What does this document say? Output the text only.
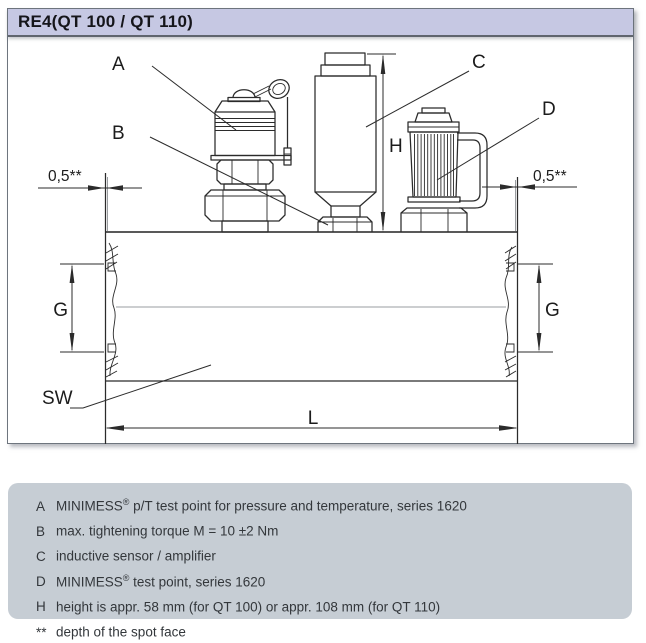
RE4(QT 100 / QT 110)
0,5**	0,5**
H
G	G
L
SW
A
B
C
D
A MINIMESS® p/T test point for pressure and temperature, series 1620
B max. tightening torque M = 10 ±2 Nm
C inductive sensor / amplifier
D MINIMESS® test point, series 1620
H height is appr. 58 mm (for QT 100) or appr. 108 mm (for QT 110)
** depth of the spot face
